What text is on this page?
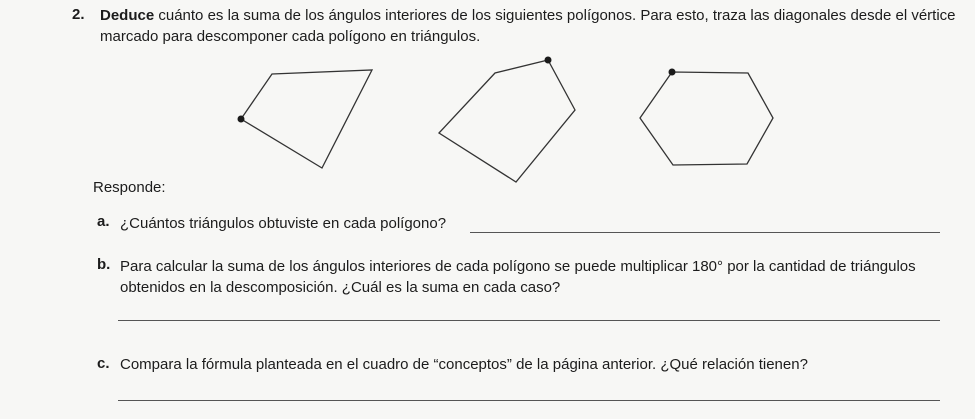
2. Deduce cuánto es la suma de los ángulos interiores de los siguientes polígonos. Para esto, traza las diagonales desde el vértice
marcado para descomponer cada polígono en triángulos.
Responde:
a. ¿Cuántos triángulos obtuviste en cada polígono?
b. Para calcular la suma de los ángulos interiores de cada polígono se puede multiplicar 180° por la cantidad de triángulos
obtenidos en la descomposición. ¿Cuál es la suma en cada caso?
c. Compara la fórmula planteada en el cuadro de “conceptos” de la página anterior. ¿Qué relación tienen?
